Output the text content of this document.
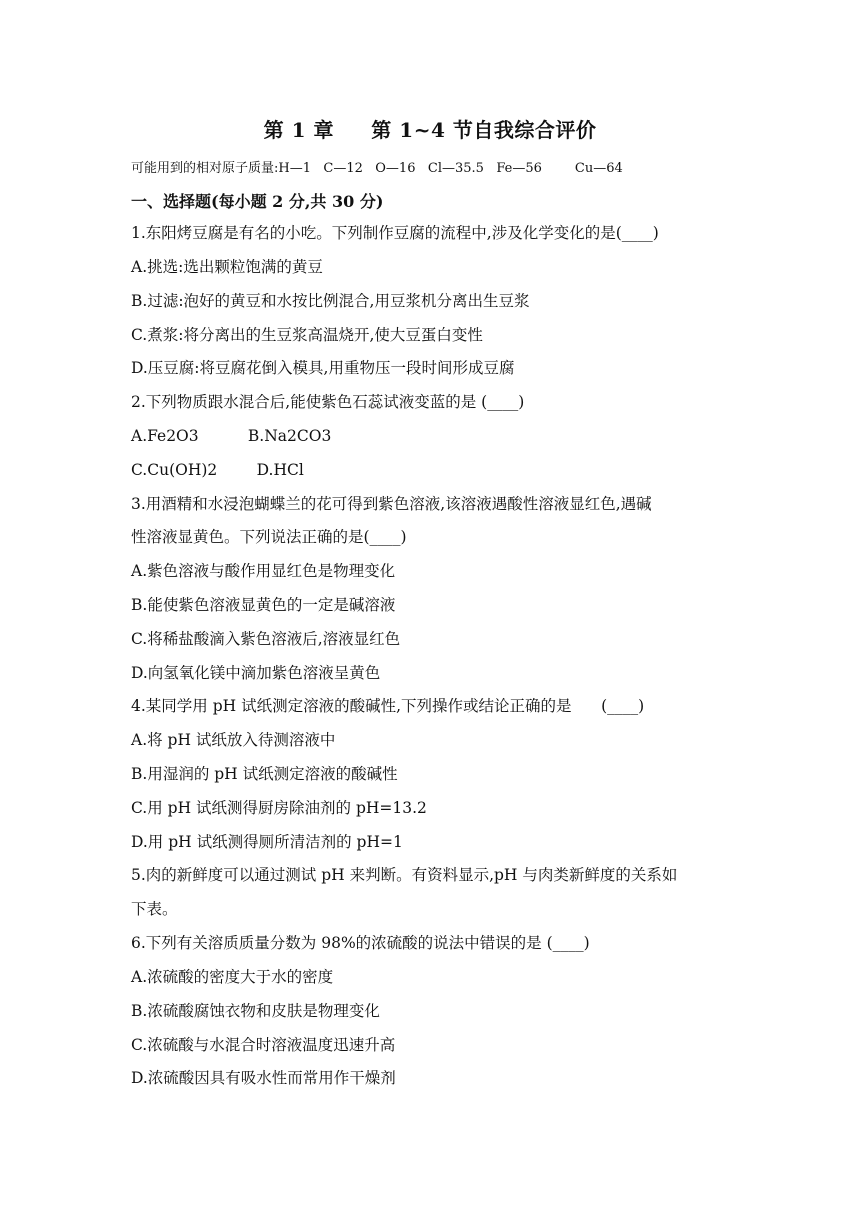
第 1 章     第 1~4 节自我综合评价
可能用到的相对原子质量:H—1   C—12   O—16   Cl—35.5   Fe—56        Cu—64
一、选择题(每小题 2 分,共 30 分)
1.东阳烤豆腐是有名的小吃。下列制作豆腐的流程中,涉及化学变化的是(____)
A.挑选:选出颗粒饱满的黄豆
B.过滤:泡好的黄豆和水按比例混合,用豆浆机分离出生豆浆
C.煮浆:将分离出的生豆浆高温烧开,使大豆蛋白变性
D.压豆腐:将豆腐花倒入模具,用重物压一段时间形成豆腐
2.下列物质跟水混合后,能使紫色石蕊试液变蓝的是 (____)
A.Fe2O3          B.Na2CO3
C.Cu(OH)2        D.HCl
3.用酒精和水浸泡蝴蝶兰的花可得到紫色溶液,该溶液遇酸性溶液显红色,遇碱
性溶液显黄色。下列说法正确的是(____)
A.紫色溶液与酸作用显红色是物理变化
B.能使紫色溶液显黄色的一定是碱溶液
C.将稀盐酸滴入紫色溶液后,溶液显红色
D.向氢氧化镁中滴加紫色溶液呈黄色
4.某同学用 pH 试纸测定溶液的酸碱性,下列操作或结论正确的是      (____)
A.将 pH 试纸放入待测溶液中
B.用湿润的 pH 试纸测定溶液的酸碱性
C.用 pH 试纸测得厨房除油剂的 pH=13.2
D.用 pH 试纸测得厕所清洁剂的 pH=1
5.肉的新鲜度可以通过测试 pH 来判断。有资料显示,pH 与肉类新鲜度的关系如
下表。
6.下列有关溶质质量分数为 98%的浓硫酸的说法中错误的是 (____)
A.浓硫酸的密度大于水的密度
B.浓硫酸腐蚀衣物和皮肤是物理变化
C.浓硫酸与水混合时溶液温度迅速升高
D.浓硫酸因具有吸水性而常用作干燥剂
